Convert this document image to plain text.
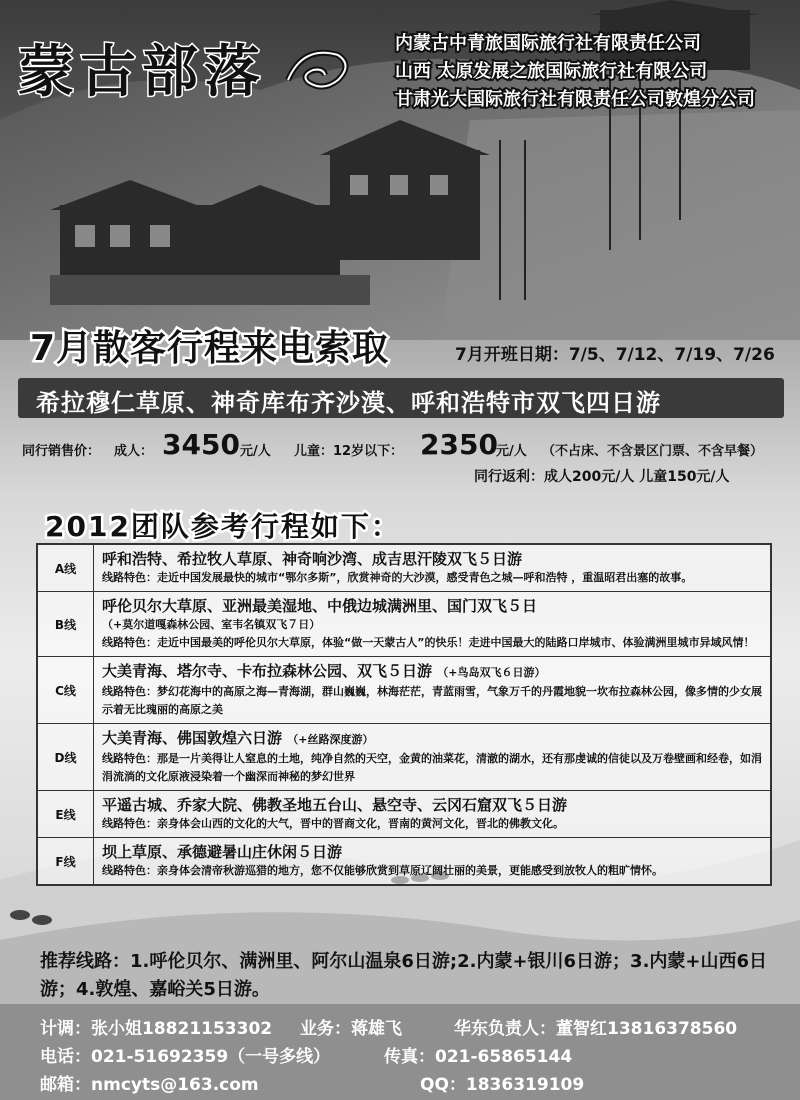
蒙古部落	内蒙古中青旅国际旅行社有限责任公司
山西 太原发展之旅国际旅行社有限公司
甘肃光大国际旅行社有限责任公司敦煌分公司
7月散客行程来电索取	7月开班日期：7/5、7/12、7/19、7/26
希拉穆仁草原、神奇库布齐沙漠、呼和浩特市双飞四日游
同行销售价： 成人： 3450 元/人 儿童：12岁以下： 2350
元/人 （不占床、不含景区门票、不含早餐）
同行返利：成人200元/人 儿童150元/人
2012团队参考行程如下：
A线
呼和浩特、希拉牧人草原、神奇响沙湾、成吉思汗陵双飞５日游
线路特色：走近中国发展最快的城市“鄂尔多斯”，欣赏神奇的大沙漠，感受青色之城—呼和浩特 ，重温昭君出塞的故事。
B线
呼伦贝尔大草原、亚洲最美湿地、中俄边城满洲里、国门双飞５日
（+莫尔道嘎森林公园、室韦名镇双飞７日）
线路特色：走近中国最美的呼伦贝尔大草原，体验“做一天蒙古人”的快乐！走进中国最大的陆路口岸城市、体验满洲里城市异域风情！
C线
大美青海、塔尔寺、卡布拉森林公园、双飞５日游 （+鸟岛双飞６日游）
线路特色：梦幻花海中的高原之海—青海湖，群山巍巍，林海茫茫，青蓝雨雪，气象万千的丹霞地貌一坎布拉森林公园，像多情的少女展示着无比瑰丽的高原之美
D线
大美青海、佛国敦煌六日游 （+丝路深度游）
线路特色：那是一片美得让人窒息的土地，纯净自然的天空，金黄的油菜花，清澈的湖水，还有那虔诚的信徒以及万卷壁画和经卷，如涓涓流淌的文化原液浸染着一个幽深而神秘的梦幻世界
E线
平遥古城、乔家大院、佛教圣地五台山、悬空寺、云冈石窟双飞５日游
线路特色：亲身体会山西的文化的大气，晋中的晋商文化，晋南的黄河文化，晋北的佛教文化。
F线
坝上草原、承德避暑山庄休闲５日游
线路特色：亲身体会清帝秋游巡猎的地方，您不仅能够欣赏到草原辽阔壮丽的美景，更能感受到放牧人的粗旷情怀。
推荐线路：1.呼伦贝尔、满洲里、阿尔山温泉6日游;2.内蒙+银川6日游；3.内蒙+山西6日游；4.敦煌、嘉峪关5日游。
计调：张小姐18821153302 业务：蒋雄飞	华东负责人：董智红13816378560
电话：021-51692359（一号多线）	传真：021-65865144
邮箱：nmcyts@163.com	QQ：1836319109
